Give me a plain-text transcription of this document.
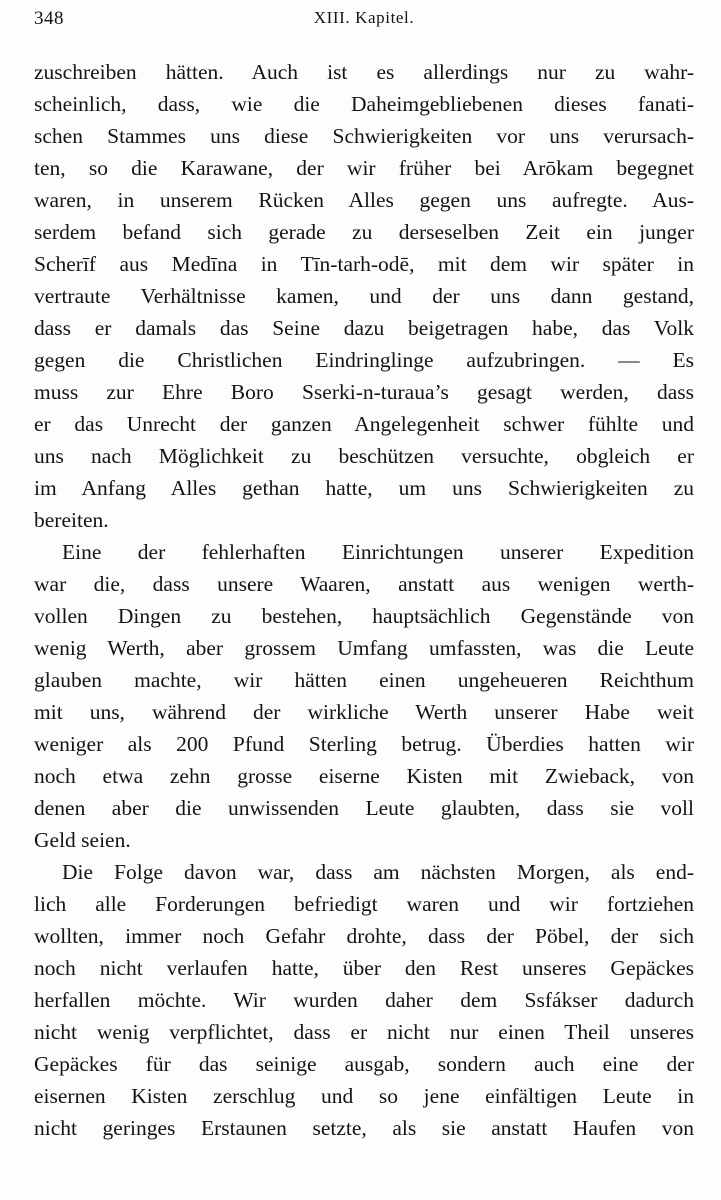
348	XIII. Kapitel.
zuschreiben hätten. Auch ist es allerdings nur zu wahr-
scheinlich, dass, wie die Daheimgebliebenen dieses fanati-
schen Stammes uns diese Schwierigkeiten vor uns verursach-
ten, so die Karawane, der wir früher bei Arōkam begegnet
waren, in unserem Rücken Alles gegen uns aufregte. Aus-
serdem befand sich gerade zu derseselben Zeit ein junger
Scherīf aus Medīna in Tīn-tarh-odē, mit dem wir später in
vertraute Verhältnisse kamen, und der uns dann gestand,
dass er damals das Seine dazu beigetragen habe, das Volk
gegen die Christlichen Eindringlinge aufzubringen. — Es
muss zur Ehre Boro Sserki-n-turaua’s gesagt werden, dass
er das Unrecht der ganzen Angelegenheit schwer fühlte und
uns nach Möglichkeit zu beschützen versuchte, obgleich er
im Anfang Alles gethan hatte, um uns Schwierigkeiten zu
bereiten.
Eine der fehlerhaften Einrichtungen unserer Expedition
war die, dass unsere Waaren, anstatt aus wenigen werth-
vollen Dingen zu bestehen, hauptsächlich Gegenstände von
wenig Werth, aber grossem Umfang umfassten, was die Leute
glauben machte, wir hätten einen ungeheueren Reichthum
mit uns, während der wirkliche Werth unserer Habe weit
weniger als 200 Pfund Sterling betrug. Überdies hatten wir
noch etwa zehn grosse eiserne Kisten mit Zwieback, von
denen aber die unwissenden Leute glaubten, dass sie voll
Geld seien.
Die Folge davon war, dass am nächsten Morgen, als end-
lich alle Forderungen befriedigt waren und wir fortziehen
wollten, immer noch Gefahr drohte, dass der Pöbel, der sich
noch nicht verlaufen hatte, über den Rest unseres Gepäckes
herfallen möchte. Wir wurden daher dem Ssfákser dadurch
nicht wenig verpflichtet, dass er nicht nur einen Theil unseres
Gepäckes für das seinige ausgab, sondern auch eine der
eisernen Kisten zerschlug und so jene einfältigen Leute in
nicht geringes Erstaunen setzte, als sie anstatt Haufen von
